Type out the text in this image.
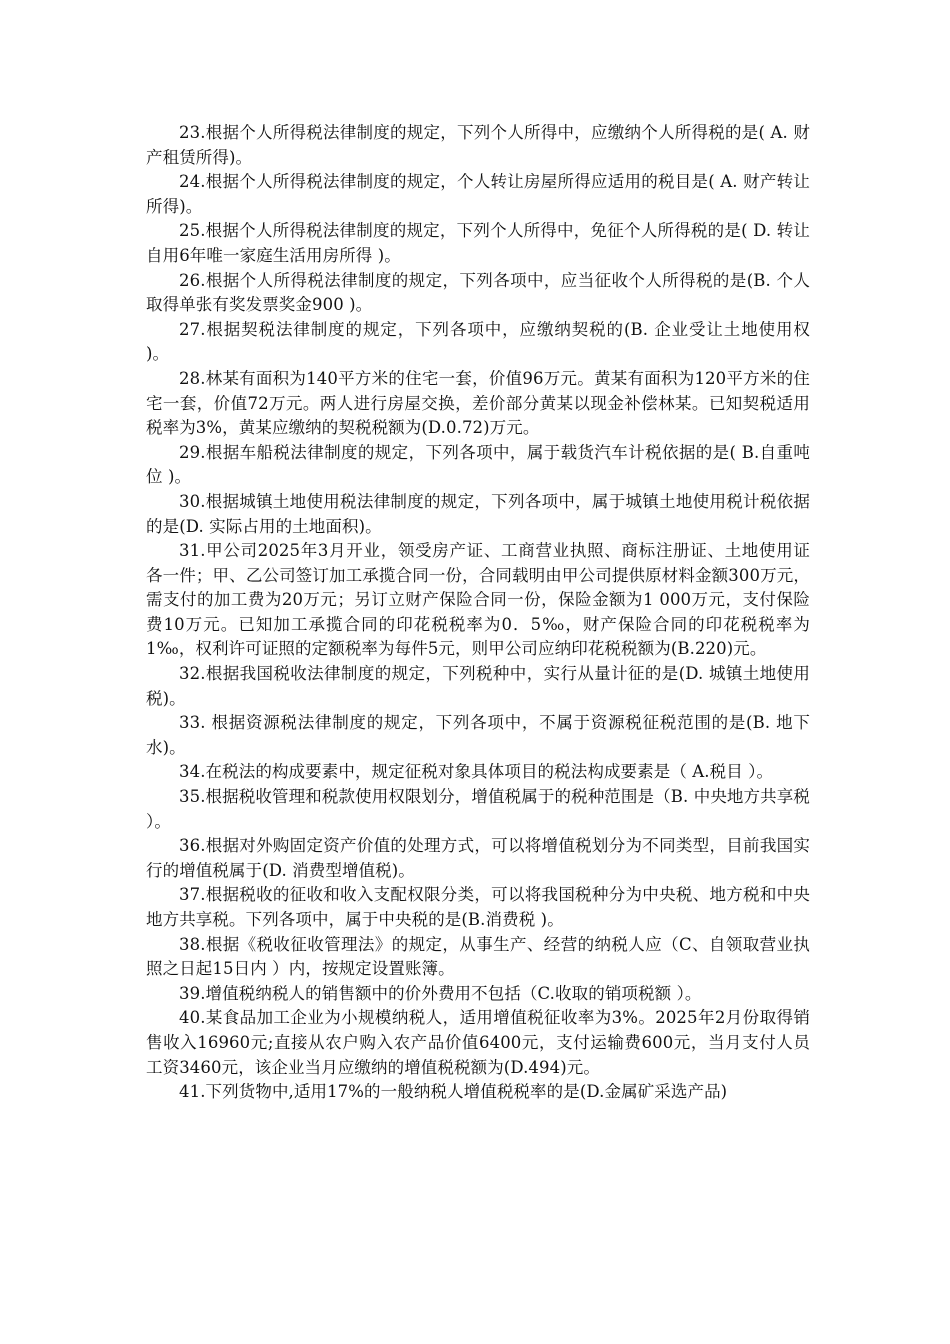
23.根据个人所得税法律制度的规定，下列个人所得中，应缴纳个人所得税的是( A. 财产租赁所得)。

24.根据个人所得税法律制度的规定，个人转让房屋所得应适用的税目是( A. 财产转让所得)。

25.根据个人所得税法律制度的规定，下列个人所得中，免征个人所得税的是( D. 转让自用6年唯一家庭生活用房所得 )。

26.根据个人所得税法律制度的规定，下列各项中，应当征收个人所得税的是(B. 个人取得单张有奖发票奖金900 )。

27.根据契税法律制度的规定，下列各项中，应缴纳契税的(B. 企业受让土地使用权 )。

28.林某有面积为140平方米的住宅一套，价值96万元。黄某有面积为120平方米的住宅一套，价值72万元。两人进行房屋交换，差价部分黄某以现金补偿林某。已知契税适用税率为3%，黄某应缴纳的契税税额为(D.0.72)万元。

29.根据车船税法律制度的规定，下列各项中，属于载货汽车计税依据的是( B.自重吨位 )。

30.根据城镇土地使用税法律制度的规定，下列各项中，属于城镇土地使用税计税依据的是(D. 实际占用的土地面积)。

31.甲公司2025年3月开业，领受房产证、工商营业执照、商标注册证、土地使用证 各一件；甲、乙公司签订加工承揽合同一份，合同载明由甲公司提供原材料金额300万元， 需支付的加工费为20万元；另订立财产保险合同一份，保险金额为1 000万元，支付保险费10万元。已知加工承揽合同的印花税税率为0．5‰，财产保险合同的印花税税率为1‰，权利许可证照的定额税率为每件5元，则甲公司应纳印花税税额为(B.220)元。

32.根据我国税收法律制度的规定，下列税种中，实行从量计征的是(D. 城镇土地使用税)。

33. 根据资源税法律制度的规定，下列各项中，不属于资源税征税范围的是(B. 地下水)。

34.在税法的构成要素中，规定征税对象具体项目的税法构成要素是（ A.税目 ）。

35.根据税收管理和税款使用权限划分，增值税属于的税种范围是（B. 中央地方共享税 ）。

36.根据对外购固定资产价值的处理方式，可以将增值税划分为不同类型，目前我国实行的增值税属于(D. 消费型增值税)。

37.根据税收的征收和收入支配权限分类，可以将我国税种分为中央税、地方税和中央地方共享税。下列各项中，属于中央税的是(B.消费税 )。

38.根据《税收征收管理法》的规定，从事生产、经营的纳税人应（C、自领取营业执照之日起15日内 ）内，按规定设置账簿。

39.增值税纳税人的销售额中的价外费用不包括（C.收取的销项税额 ）。

40.某食品加工企业为小规模纳税人，适用增值税征收率为3%。2025年2月份取得销售收入16960元;直接从农户购入农产品价值6400元，支付运输费600元，当月支付人员工资3460元，该企业当月应缴纳的增值税税额为(D.494)元。

41.下列货物中,适用17%的一般纳税人增值税税率的是(D.金属矿采选产品)
